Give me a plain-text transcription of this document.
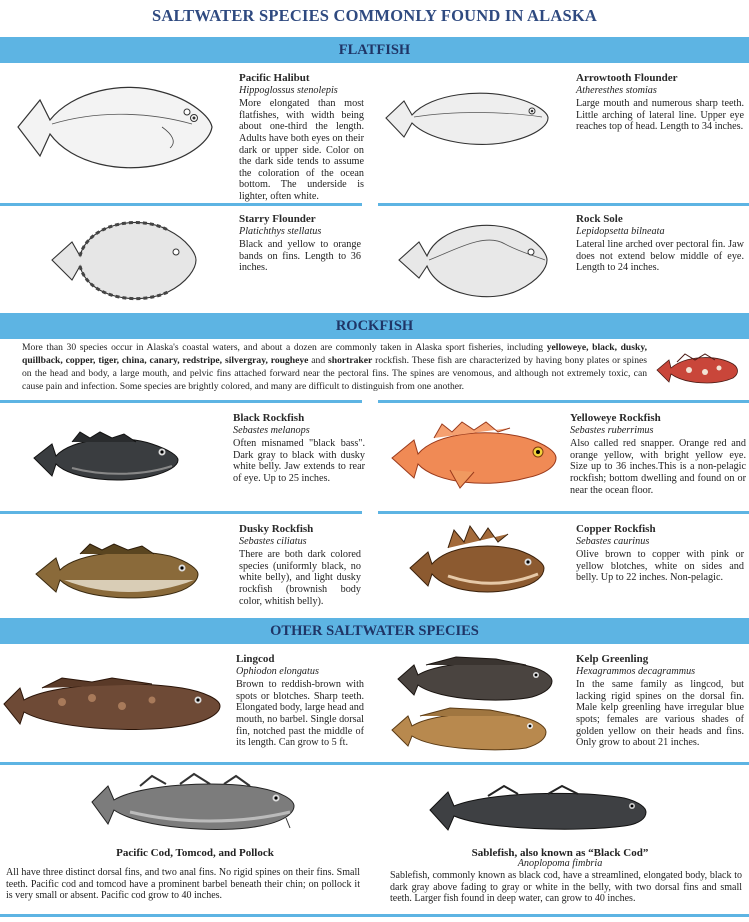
SALTWATER SPECIES COMMONLY FOUND IN ALASKA
FLATFISH
Pacific Halibut
Hippoglossus stenolepis
More elongated than most flatfishes, with width being about one-third the length. Adults have both eyes on their dark or upper side. Color on the dark side tends to assume the coloration of the ocean bottom. The underside is lighter, often white.
Arrowtooth Flounder
Atheresthes stomias
Large mouth and numerous sharp teeth. Little arching of lateral line. Upper eye reaches top of head. Length to 34 inches.
Starry Flounder
Platichthys stellatus
Black and yellow to orange bands on fins. Length to 36 inches.
Rock Sole
Lepidopsetta bilneata
Lateral line arched over pectoral fin. Jaw does not extend below middle of eye. Length to 24 inches.
ROCKFISH
More than 30 species occur in Alaska's coastal waters, and about a dozen are commonly taken in Alaska sport fisheries, including yelloweye, black, dusky, quillback, copper, tiger, china, canary, redstripe, silvergray, rougheye and shortraker rockfish. These fish are characterized by having bony plates or spines on the head and body, a large mouth, and pelvic fins attached forward near the pectoral fins. The spines are venomous, and although not extremely toxic, can cause pain and infection. Some species are brightly colored, and many are difficult to distinguish from one another.
Black Rockfish
Sebastes melanops
Often misnamed "black bass". Dark gray to black with dusky white belly. Jaw extends to rear of eye. Up to 25 inches.
Yelloweye Rockfish
Sebastes ruberrimus
Also called red snapper. Orange red and orange yellow, with bright yellow eye. Size up to 36 inches.This is a non-pelagic rockfish; bottom dwelling and found on or near the ocean floor.
Dusky Rockfish
Sebastes ciliatus
There are both dark colored species (uniformly black, no white belly), and light dusky rockfish (brownish body color, whitish belly).
Copper Rockfish
Sebastes caurinus
Olive brown to copper with pink or yellow blotches, white on sides and belly. Up to 22 inches. Non-pelagic.
OTHER SALTWATER SPECIES
Lingcod
Ophiodon elongatus
Brown to reddish-brown with spots or blotches. Sharp teeth. Elongated body, large head and mouth, no barbel. Single dorsal fin, notched past the middle of its length. Can grow to 5 ft.
Kelp Greenling
Hexagrammos decagrammus
In the same family as lingcod, but lacking rigid spines on the dorsal fin. Male kelp greenling have irregular blue spots; females are various shades of golden yellow on their heads and fins. Only grow to about 21 inches.
Pacific Cod, Tomcod, and Pollock
All have three distinct dorsal fins, and two anal fins. No rigid spines on their fins. Small teeth. Pacific cod and tomcod have a prominent barbel beneath their chin; on pollock it is very small or absent. Pacific cod grow to 40 inches.
Sablefish, also known as “Black Cod”
Anoplopoma fimbria
Sablefish, commonly known as black cod, have a streamlined, elongated body, black to dark gray above fading to gray or white in the belly, with two dorsal fins and small teeth. Larger fish found in deep water, can grow to 40 inches.
